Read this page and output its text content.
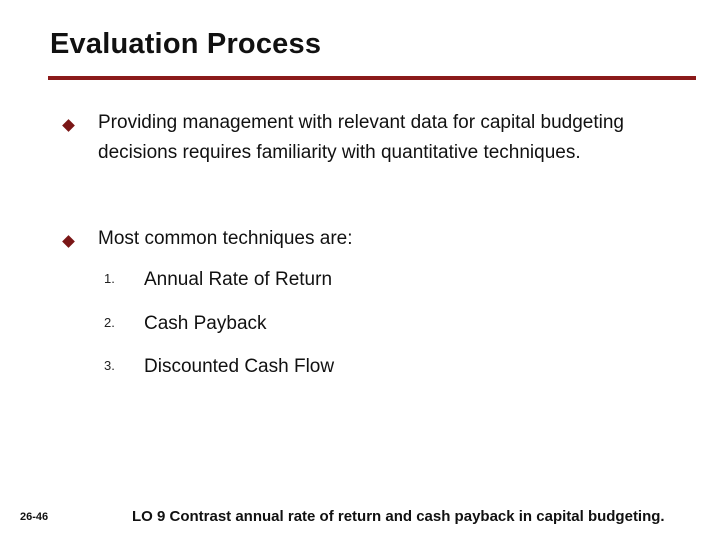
Evaluation Process
Providing management with relevant data for capital budgeting decisions requires familiarity with quantitative techniques.
Most common techniques are:
1. Annual Rate of Return
2. Cash Payback
3. Discounted Cash Flow
26-46	LO 9 Contrast annual rate of return and cash payback in capital budgeting.
